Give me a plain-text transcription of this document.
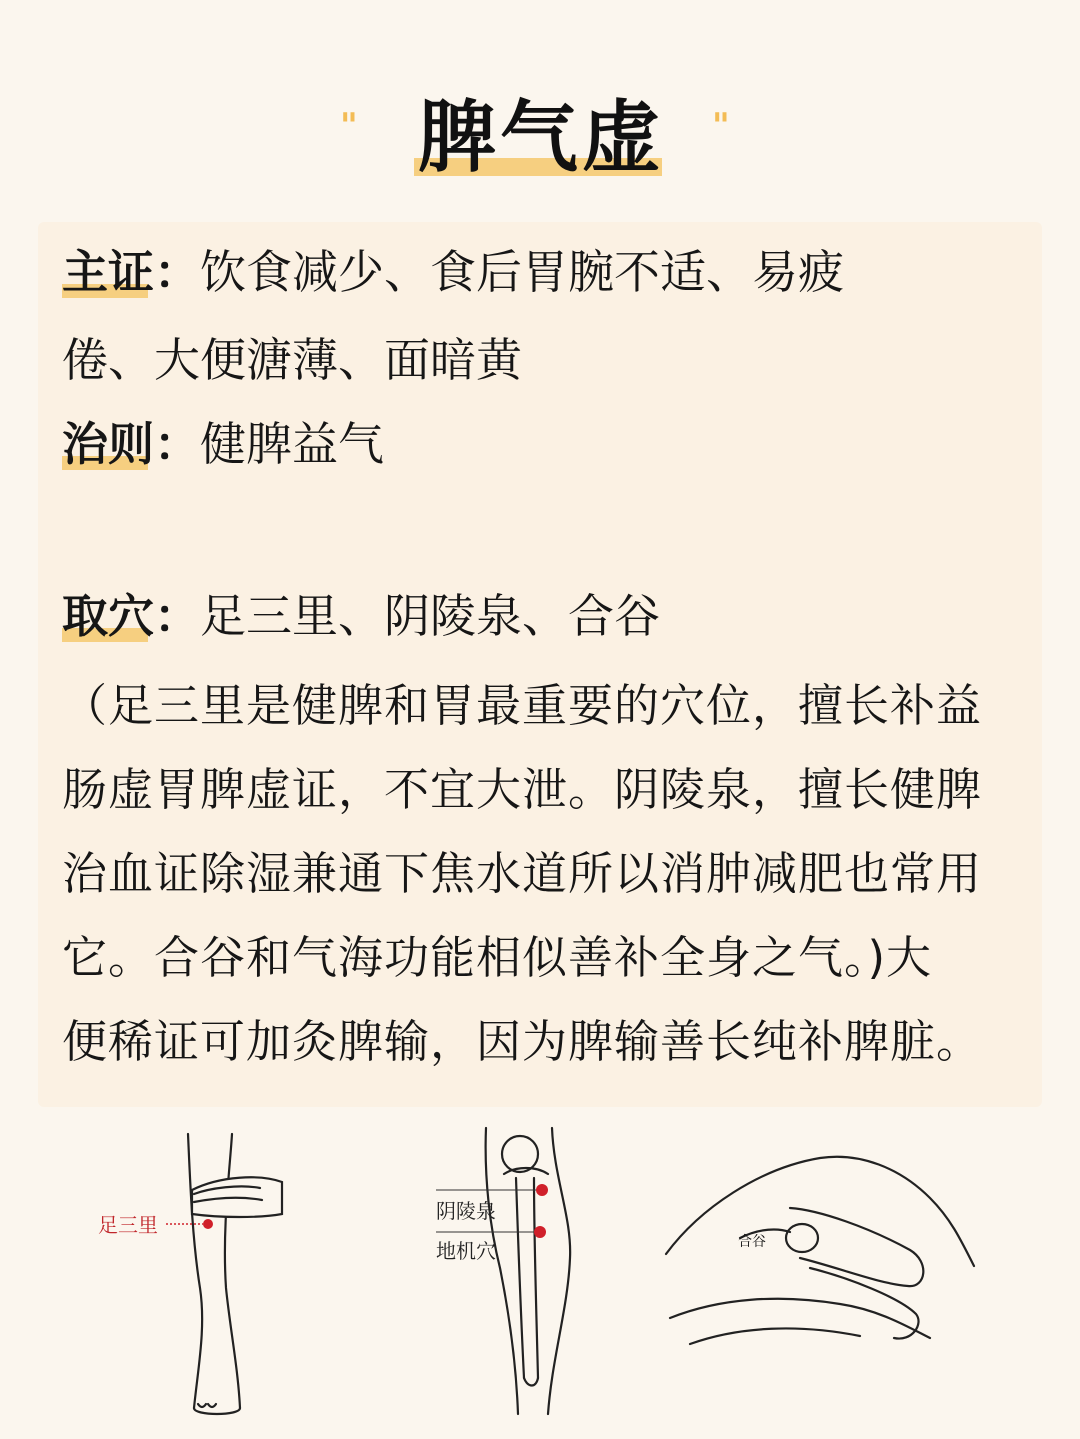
" 脾气虚 "
主证：饮食减少、食后胃腕不适、易疲
倦、大便溏薄、面暗黄
治则：健脾益气
取穴：足三里、阴陵泉、合谷
（足三里是健脾和胃最重要的穴位，擅长补益
肠虚胃脾虚证，不宜大泄。阴陵泉，擅长健脾
治血证除湿兼通下焦水道所以消肿减肥也常用
它。合谷和气海功能相似善补全身之气。)大
便稀证可加灸脾输，因为脾输善长纯补脾脏。
足三里
阴陵泉
地机穴	合谷
